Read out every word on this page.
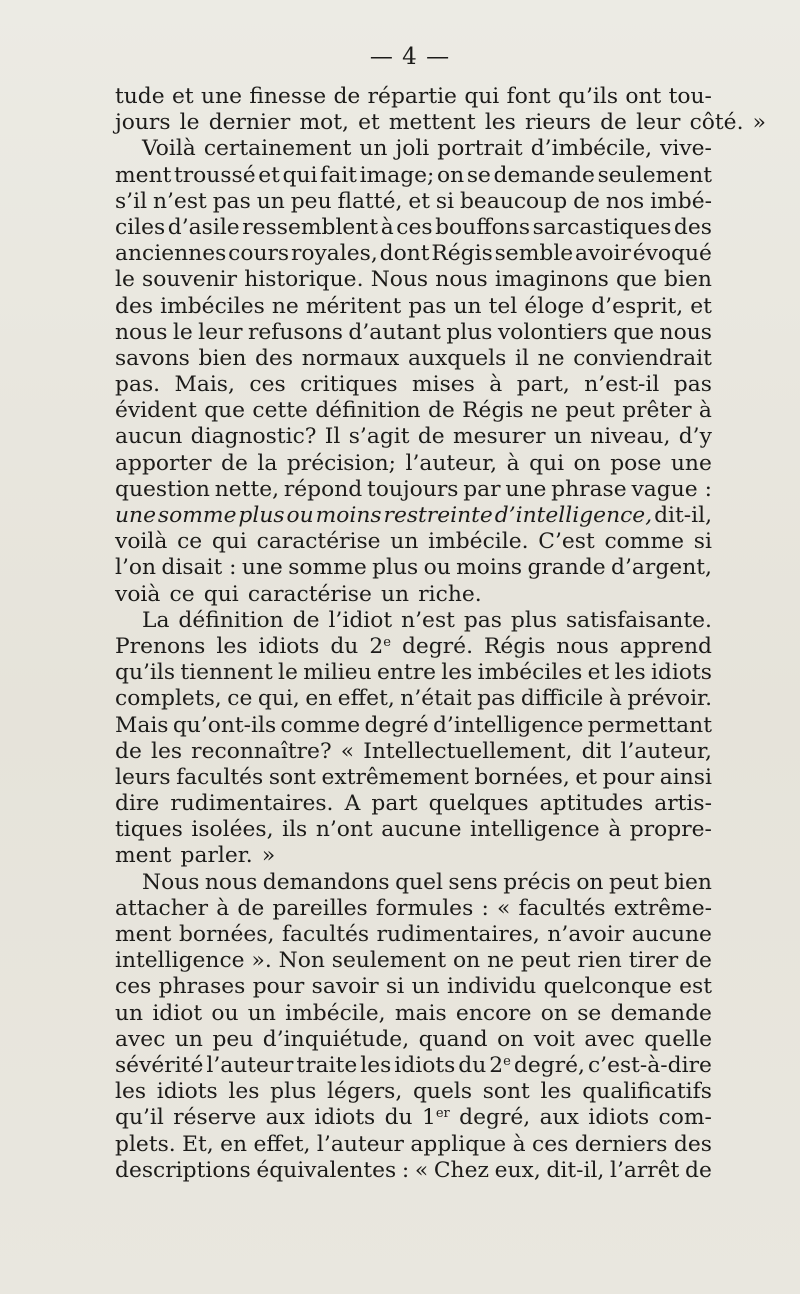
— 4 —
tude et une finesse de répartie qui font qu’ils ont tou-
jours le dernier mot, et mettent les rieurs de leur côté. »
Voilà certainement un joli portrait d’imbécile, vive-
ment troussé et qui fait image; on se demande seulement
s’il n’est pas un peu flatté, et si beaucoup de nos imbé-
ciles d’asile ressemblent à ces bouffons sarcastiques des
anciennes cours royales, dont Régis semble avoir évoqué
le souvenir historique. Nous nous imaginons que bien
des imbéciles ne méritent pas un tel éloge d’esprit, et
nous le leur refusons d’autant plus volontiers que nous
savons bien des normaux auxquels il ne conviendrait
pas. Mais, ces critiques mises à part, n’est-il pas
évident que cette définition de Régis ne peut prêter à
aucun diagnostic? Il s’agit de mesurer un niveau, d’y
apporter de la précision; l’auteur, à qui on pose une
question nette, répond toujours par une phrase vague :
une somme plus ou moins restreinte d’intelligence, dit-il,
voilà ce qui caractérise un imbécile. C’est comme si
l’on disait : une somme plus ou moins grande d’argent,
voià ce qui caractérise un riche.
La définition de l’idiot n’est pas plus satisfaisante.
Prenons les idiots du 2e degré. Régis nous apprend
qu’ils tiennent le milieu entre les imbéciles et les idiots
complets, ce qui, en effet, n’était pas difficile à prévoir.
Mais qu’ont-ils comme degré d’intelligence permettant
de les reconnaître? « Intellectuellement, dit l’auteur,
leurs facultés sont extrêmement bornées, et pour ainsi
dire rudimentaires. A part quelques aptitudes artis-
tiques isolées, ils n’ont aucune intelligence à propre-
ment parler. »
Nous nous demandons quel sens précis on peut bien
attacher à de pareilles formules : « facultés extrême-
ment bornées, facultés rudimentaires, n’avoir aucune
intelligence ». Non seulement on ne peut rien tirer de
ces phrases pour savoir si un individu quelconque est
un idiot ou un imbécile, mais encore on se demande
avec un peu d’inquiétude, quand on voit avec quelle
sévérité l’auteur traite les idiots du 2e degré, c’est-à-dire
les idiots les plus légers, quels sont les qualificatifs
qu’il réserve aux idiots du 1er degré, aux idiots com-
plets. Et, en effet, l’auteur applique à ces derniers des
descriptions équivalentes : « Chez eux, dit-il, l’arrêt de
